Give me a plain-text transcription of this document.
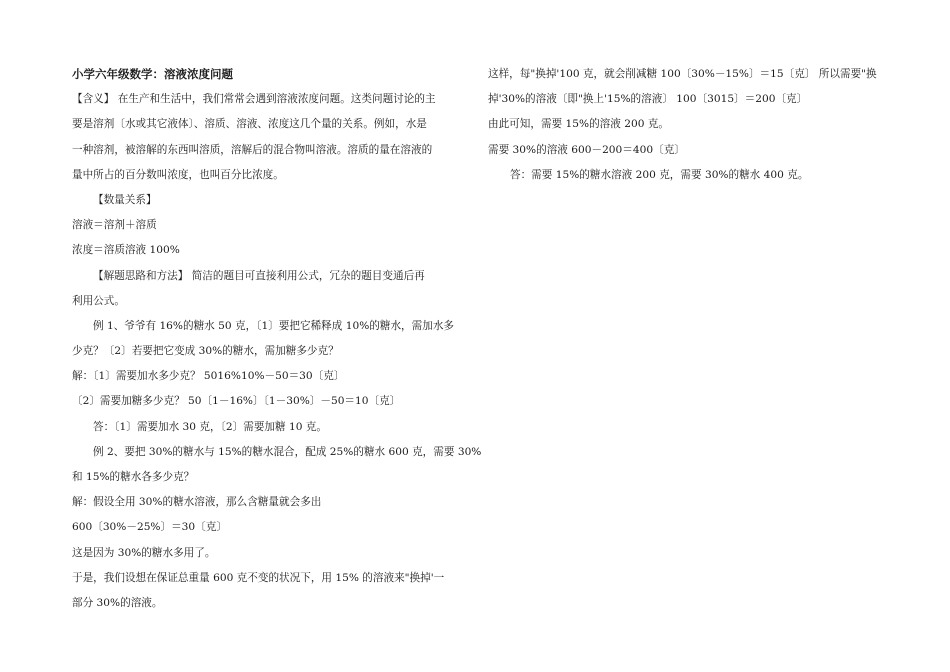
小学六年级数学：溶液浓度问题
【含义】 在生产和生活中，我们常常会遇到溶液浓度问题。这类问题讨论的主
要是溶剂〔水或其它液体〕、溶质、溶液、浓度这几个量的关系。例如，水是
一种溶剂，被溶解的东西叫溶质，溶解后的混合物叫溶液。溶质的量在溶液的
量中所占的百分数叫浓度，也叫百分比浓度。
【数量关系】
溶液＝溶剂＋溶质
浓度＝溶质溶液 100%
【解题思路和方法】 简洁的题目可直接利用公式，冗杂的题目变通后再
利用公式。
例 1、爷爷有 16%的糖水 50 克，〔1〕要把它稀释成 10%的糖水，需加水多
少克？〔2〕若要把它变成 30%的糖水，需加糖多少克？
解：〔1〕需要加水多少克？ 5016%10%－50＝30〔克〕
〔2〕需要加糖多少克？ 50〔1－16%〕〔1－30%〕－50＝10〔克〕
答：〔1〕需要加水 30 克，〔2〕需要加糖 10 克。
例 2、要把 30%的糖水与 15%的糖水混合，配成 25%的糖水 600 克，需要 30%
和 15%的糖水各多少克？
解：假设全用 30%的糖水溶液，那么含糖量就会多出
600〔30%－25%〕＝30〔克〕
这是因为 30%的糖水多用了。
于是，我们设想在保证总重量 600 克不变的状况下，用 15% 的溶液来"换掉'一
部分 30%的溶液。
这样，每"换掉'100 克，就会削减糖 100〔30%－15%〕＝15〔克〕 所以需要"换
掉'30%的溶液〔即"换上'15%的溶液〕 100〔3015〕＝200〔克〕
由此可知，需要 15%的溶液 200 克。
需要 30%的溶液 600－200＝400〔克〕
答：需要 15%的糖水溶液 200 克，需要 30%的糖水 400 克。
